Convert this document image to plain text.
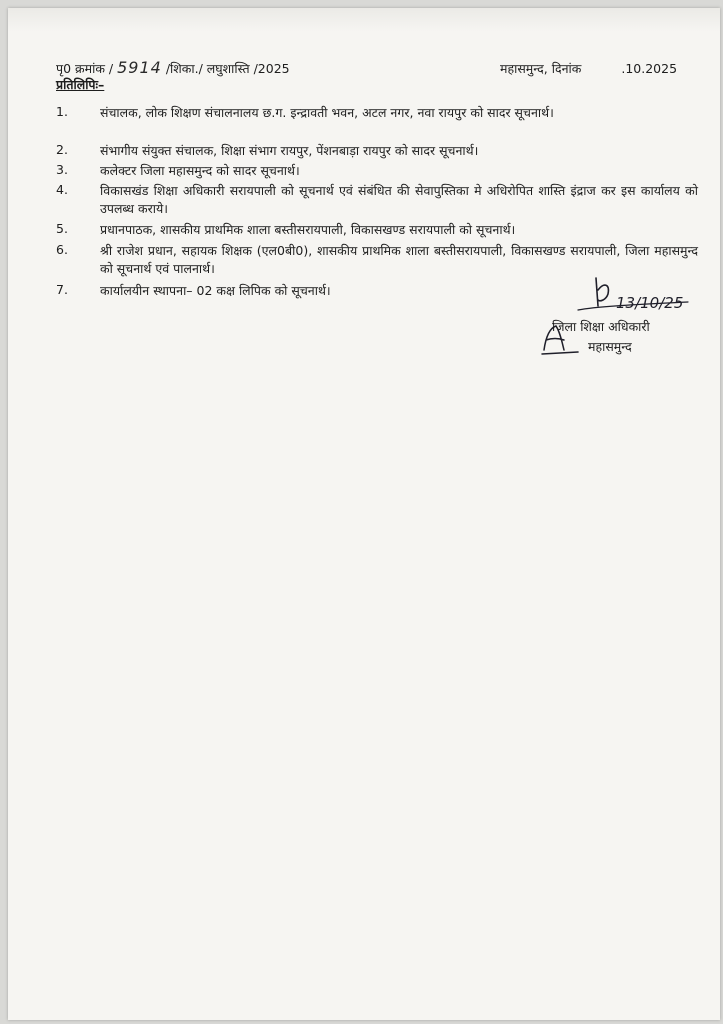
पृ0 क्रमांक / 5914 /शिका./ लघुशास्ति /2025	महासमुन्द, दिनांक	.10.2025
प्रतिलिपिः–
1.	संचालक, लोक शिक्षण संचालनालय छ.ग. इन्द्रावती भवन, अटल नगर, नवा रायपुर को सादर सूचनार्थ।
2.	संभागीय संयुक्त संचालक, शिक्षा संभाग रायपुर, पेंशनबाड़ा रायपुर को सादर सूचनार्थ।
3.	कलेक्टर जिला महासमुन्द को सादर सूचनार्थ।
4.	विकासखंड शिक्षा अधिकारी सरायपाली को सूचनार्थ एवं संबंधित की सेवापुस्तिका मे अधिरोपित शास्ति इंद्राज कर इस कार्यालय को उपलब्ध कराये।
5.	प्रधानपाठक, शासकीय प्राथमिक शाला बस्तीसरायपाली, विकासखण्ड सरायपाली को सूचनार्थ।
6.	श्री राजेश प्रधान, सहायक शिक्षक (एल0बी0), शासकीय प्राथमिक शाला बस्तीसरायपाली, विकासखण्ड सरायपाली, जिला महासमुन्द को सूचनार्थ एवं पालनार्थ।
7.	कार्यालयीन स्थापना– 02 कक्ष लिपिक को सूचनार्थ।
13/10/25
जिला शिक्षा अधिकारी
महासमुन्द
